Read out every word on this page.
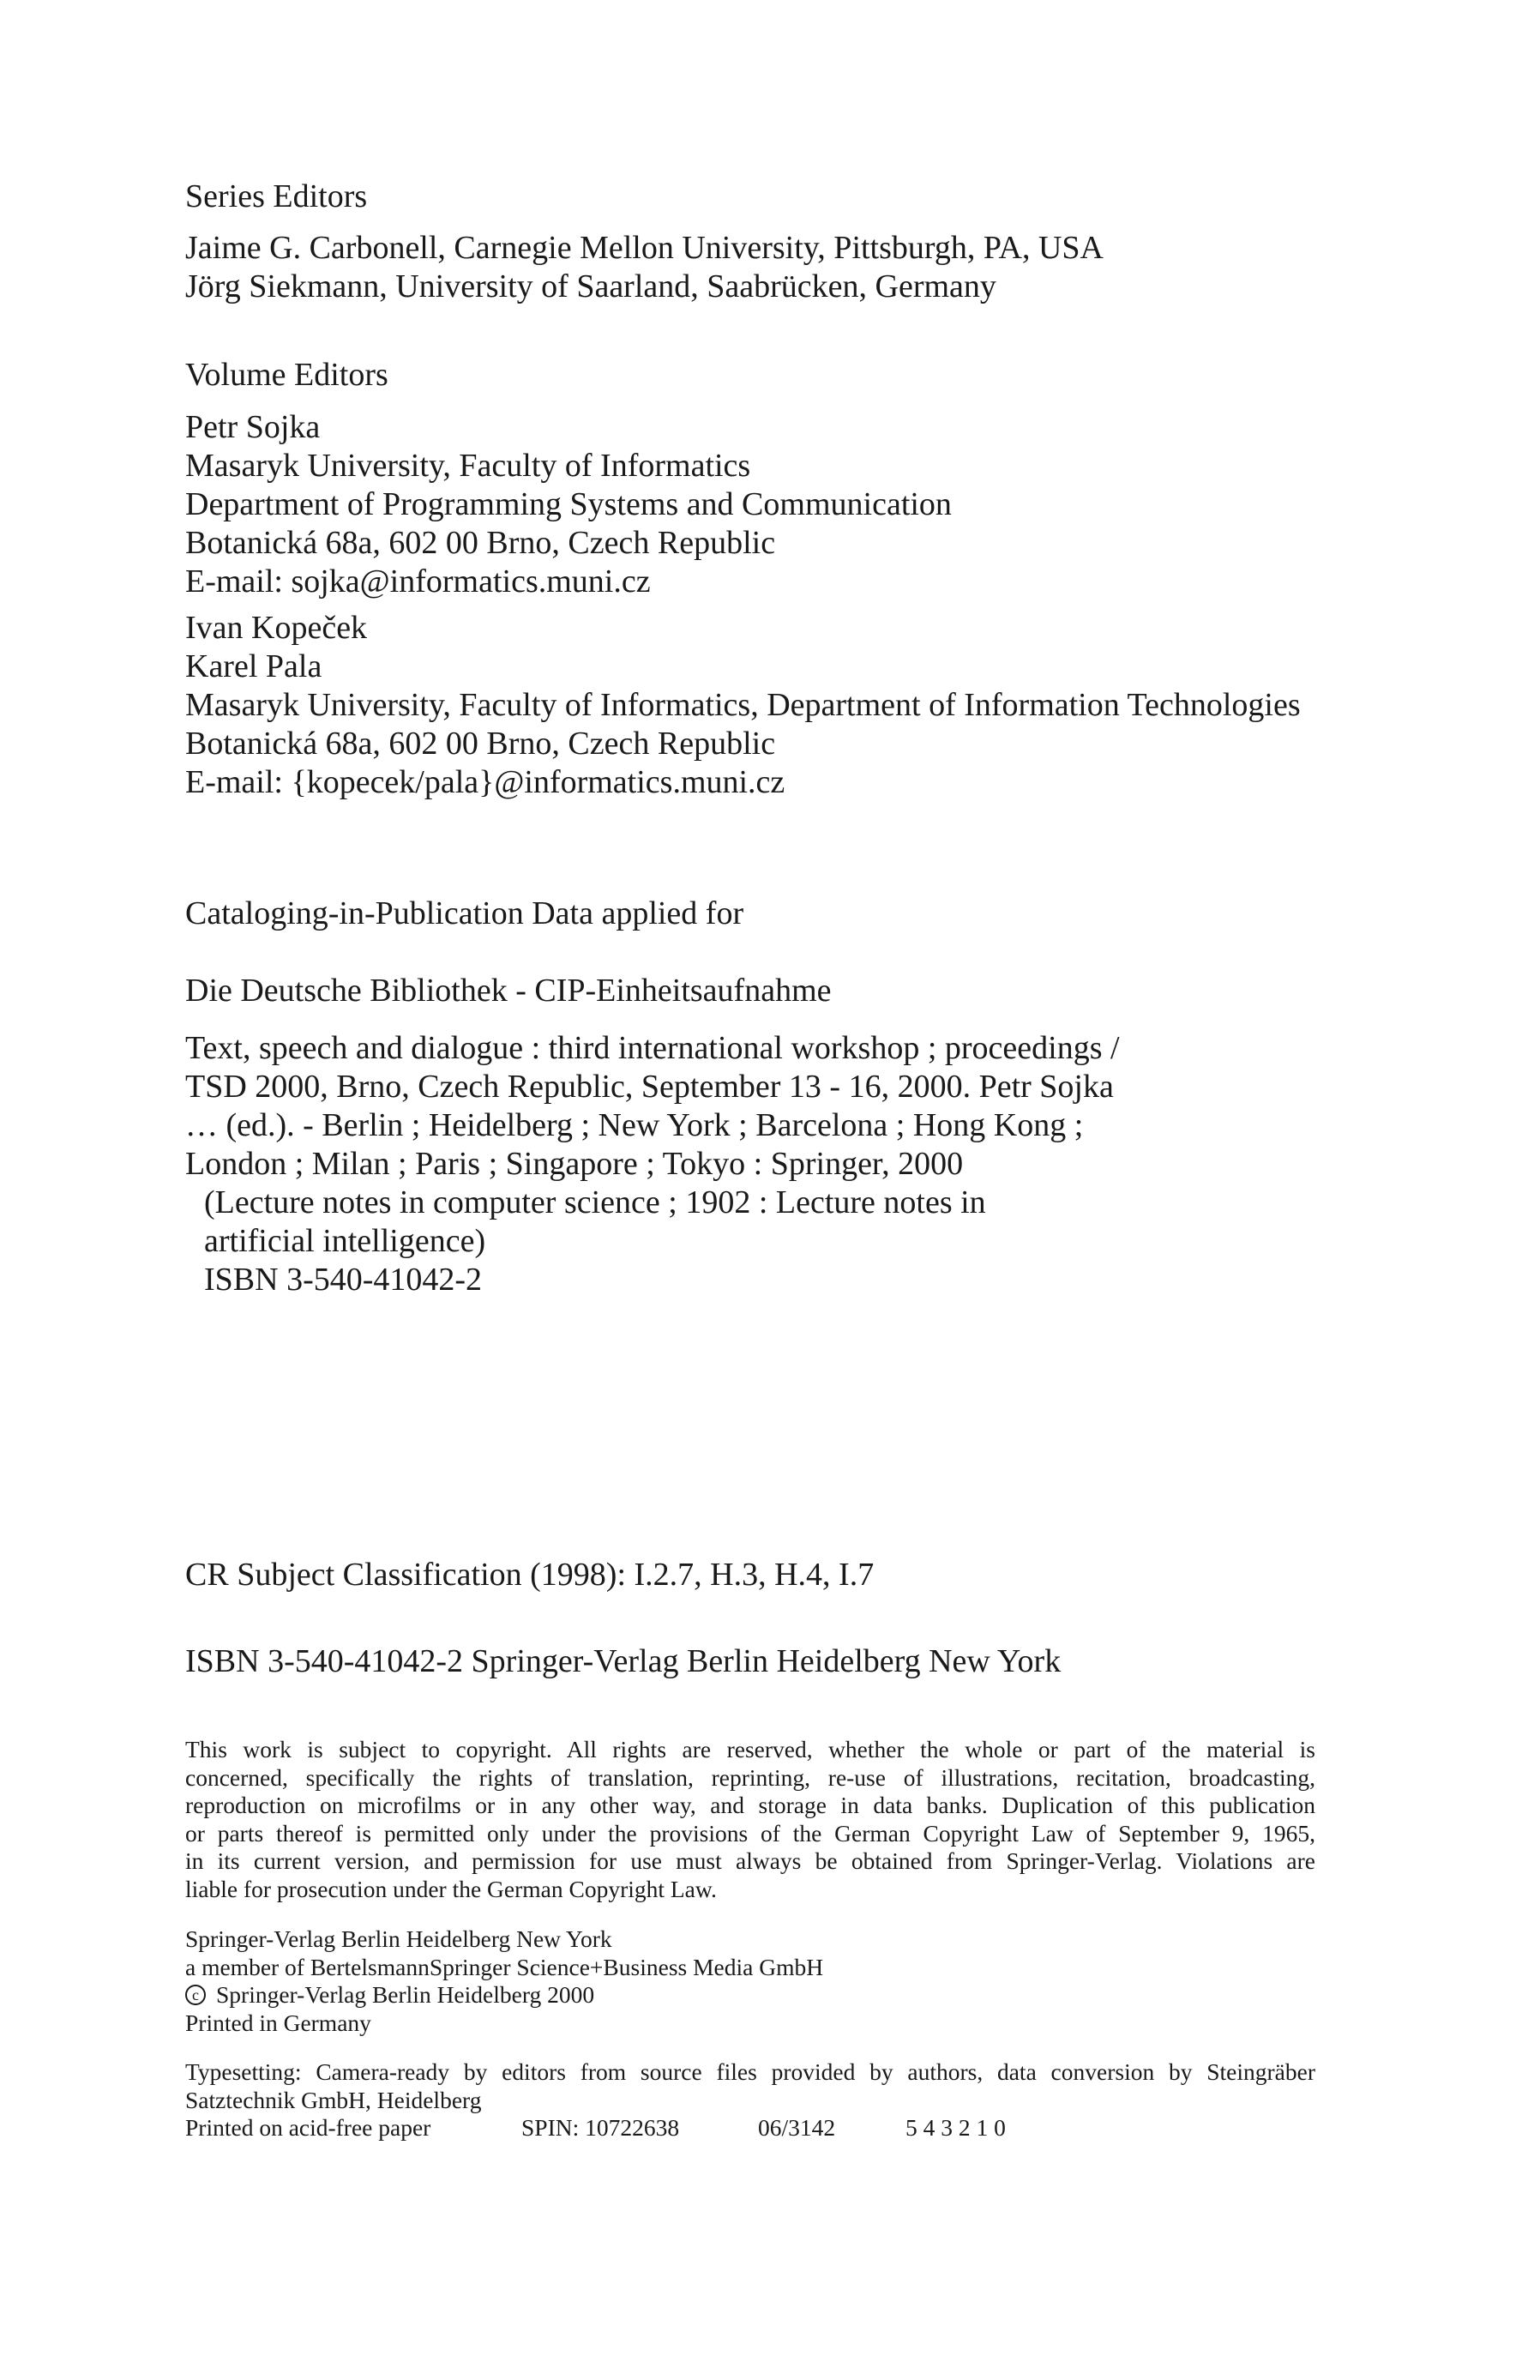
Series Editors
Jaime G. Carbonell, Carnegie Mellon University, Pittsburgh, PA, USA
Jörg Siekmann, University of Saarland, Saabrücken, Germany
Volume Editors
Petr Sojka
Masaryk University, Faculty of Informatics
Department of Programming Systems and Communication
Botanická 68a, 602 00 Brno, Czech Republic
E-mail: sojka@informatics.muni.cz
Ivan Kopeček
Karel Pala
Masaryk University, Faculty of Informatics, Department of Information Technologies
Botanická 68a, 602 00 Brno, Czech Republic
E-mail: {kopecek/pala}@informatics.muni.cz
Cataloging-in-Publication Data applied for
Die Deutsche Bibliothek - CIP-Einheitsaufnahme
Text, speech and dialogue : third international workshop ; proceedings /
TSD 2000, Brno, Czech Republic, September 13 - 16, 2000. Petr Sojka
… (ed.). - Berlin ; Heidelberg ; New York ; Barcelona ; Hong Kong ;
London ; Milan ; Paris ; Singapore ; Tokyo : Springer, 2000
(Lecture notes in computer science ; 1902 : Lecture notes in
artificial intelligence)
ISBN 3-540-41042-2
CR Subject Classification (1998): I.2.7, H.3, H.4, I.7
ISBN 3-540-41042-2 Springer-Verlag Berlin Heidelberg New York
This work is subject to copyright. All rights are reserved, whether the whole or part of the material is
concerned, specifically the rights of translation, reprinting, re-use of illustrations, recitation, broadcasting,
reproduction on microfilms or in any other way, and storage in data banks. Duplication of this publication
or parts thereof is permitted only under the provisions of the German Copyright Law of September 9, 1965,
in its current version, and permission for use must always be obtained from Springer-Verlag. Violations are
liable for prosecution under the German Copyright Law.
Springer-Verlag Berlin Heidelberg New York
a member of BertelsmannSpringer Science+Business Media GmbH
c Springer-Verlag Berlin Heidelberg 2000
Printed in Germany
Typesetting: Camera-ready by editors from source files provided by authors, data conversion by Steingräber
Satztechnik GmbH, Heidelberg
Printed on acid-free paper	SPIN: 10722638	06/3142	5 4 3 2 1 0
